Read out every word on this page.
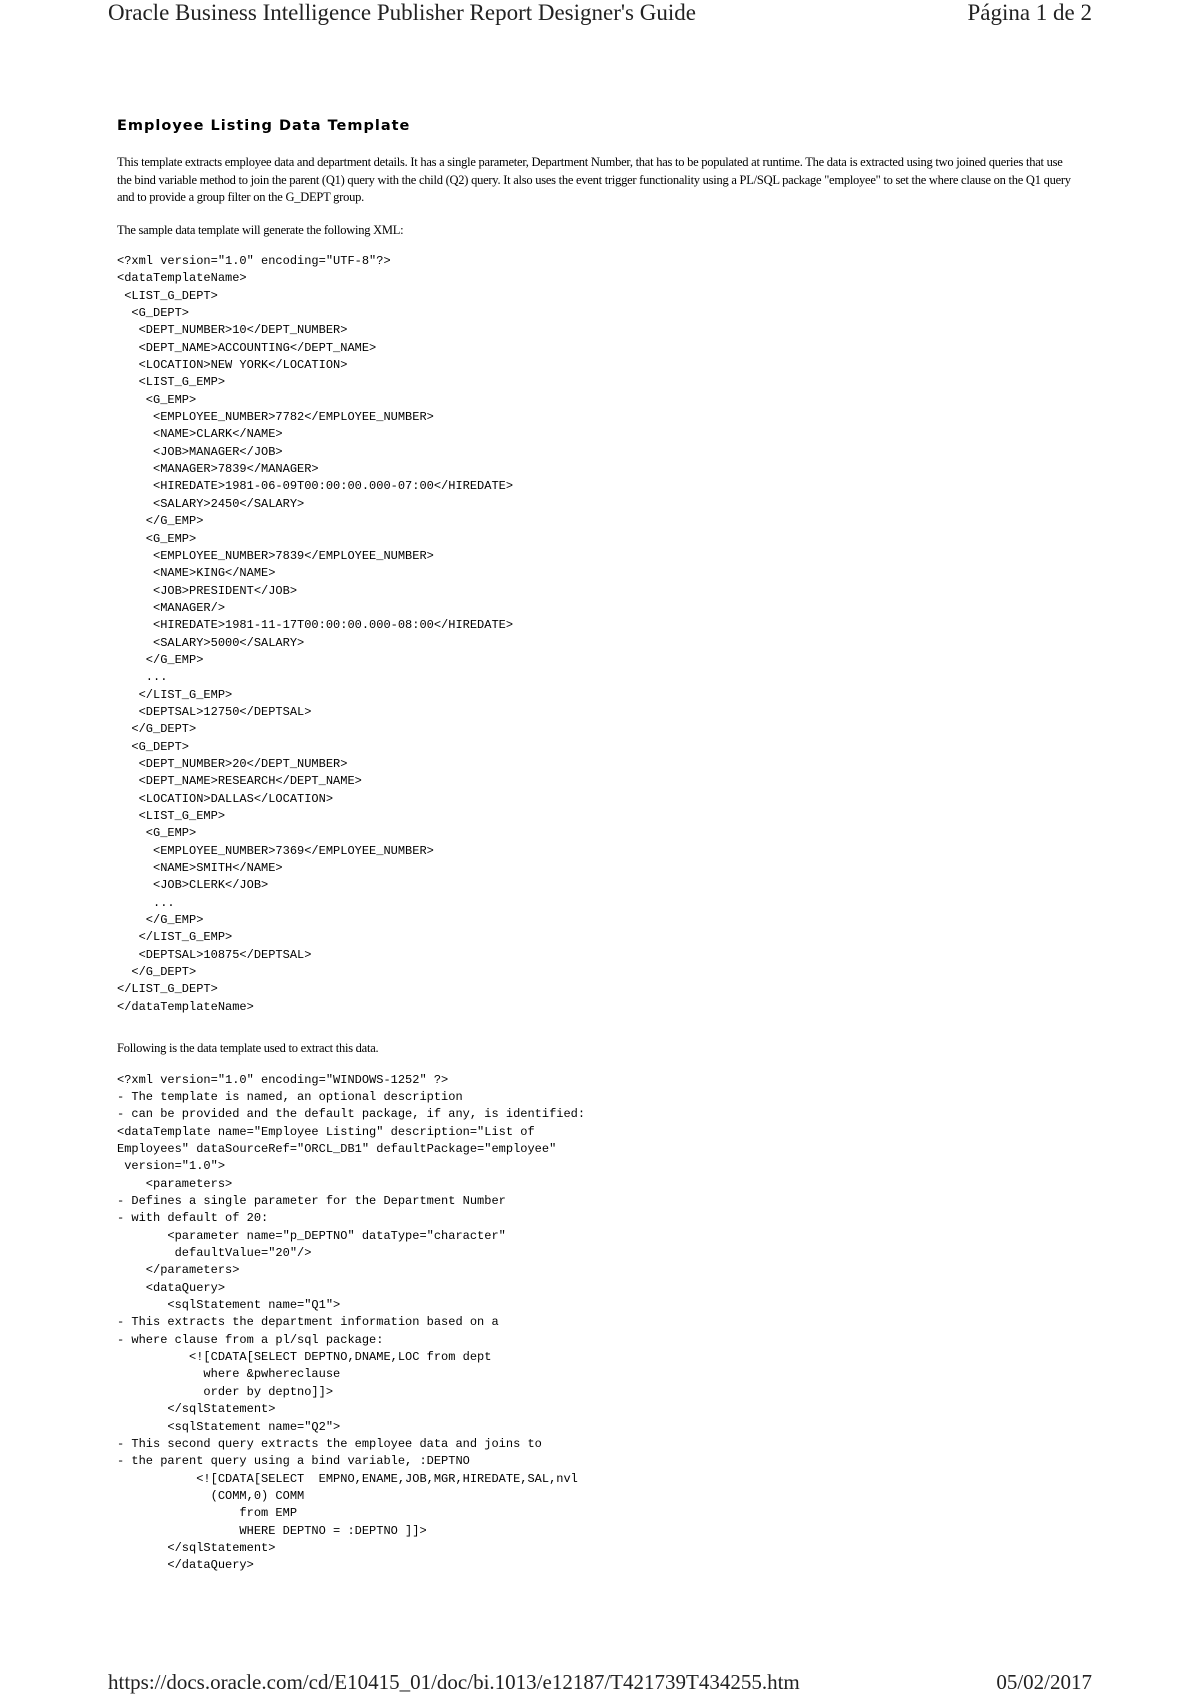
Oracle Business Intelligence Publisher Report Designer's Guide	Página 1 de 2
Employee Listing Data Template

This template extracts employee data and department details. It has a single parameter, Department Number, that has to be populated at runtime. The data is extracted using two joined queries that use the bind variable method to join the parent (Q1) query with the child (Q2) query. It also uses the event trigger functionality using a PL/SQL package "employee" to set the where clause on the Q1 query and to provide a group filter on the G_DEPT group.

The sample data template will generate the following XML:

<?xml version="1.0" encoding="UTF-8"?>
<dataTemplateName>
<LIST_G_DEPT>
<G_DEPT>
<DEPT_NUMBER>10</DEPT_NUMBER>
<DEPT_NAME>ACCOUNTING</DEPT_NAME>
<LOCATION>NEW YORK</LOCATION>
<LIST_G_EMP>
<G_EMP>
<EMPLOYEE_NUMBER>7782</EMPLOYEE_NUMBER>
<NAME>CLARK</NAME>
<JOB>MANAGER</JOB>
<MANAGER>7839</MANAGER>
<HIREDATE>1981-06-09T00:00:00.000-07:00</HIREDATE>
<SALARY>2450</SALARY>
</G_EMP>
<G_EMP>
<EMPLOYEE_NUMBER>7839</EMPLOYEE_NUMBER>
<NAME>KING</NAME>
<JOB>PRESIDENT</JOB>
<MANAGER/>
<HIREDATE>1981-11-17T00:00:00.000-08:00</HIREDATE>
<SALARY>5000</SALARY>
</G_EMP>
...
</LIST_G_EMP>
<DEPTSAL>12750</DEPTSAL>
</G_DEPT>
<G_DEPT>
<DEPT_NUMBER>20</DEPT_NUMBER>
<DEPT_NAME>RESEARCH</DEPT_NAME>
<LOCATION>DALLAS</LOCATION>
<LIST_G_EMP>
<G_EMP>
<EMPLOYEE_NUMBER>7369</EMPLOYEE_NUMBER>
<NAME>SMITH</NAME>
<JOB>CLERK</JOB>
...
</G_EMP>
</LIST_G_EMP>
<DEPTSAL>10875</DEPTSAL>
</G_DEPT>
</LIST_G_DEPT>
</dataTemplateName>

Following is the data template used to extract this data.

<?xml version="1.0" encoding="WINDOWS-1252" ?>
- The template is named, an optional description
- can be provided and the default package, if any, is identified:
<dataTemplate name="Employee Listing" description="List of
Employees" dataSourceRef="ORCL_DB1" defaultPackage="employee"
version="1.0">
<parameters>
- Defines a single parameter for the Department Number
- with default of 20:
<parameter name="p_DEPTNO" dataType="character"
defaultValue="20"/>
</parameters>
<dataQuery>
<sqlStatement name="Q1">
- This extracts the department information based on a
- where clause from a pl/sql package:
<![CDATA[SELECT DEPTNO,DNAME,LOC from dept
where &pwhereclause
order by deptno]]>
</sqlStatement>
<sqlStatement name="Q2">
- This second query extracts the employee data and joins to
- the parent query using a bind variable, :DEPTNO
<![CDATA[SELECT  EMPNO,ENAME,JOB,MGR,HIREDATE,SAL,nvl
(COMM,0) COMM
from EMP
WHERE DEPTNO = :DEPTNO ]]>
</sqlStatement>
</dataQuery>
https://docs.oracle.com/cd/E10415_01/doc/bi.1013/e12187/T421739T434255.htm	05/02/2017
